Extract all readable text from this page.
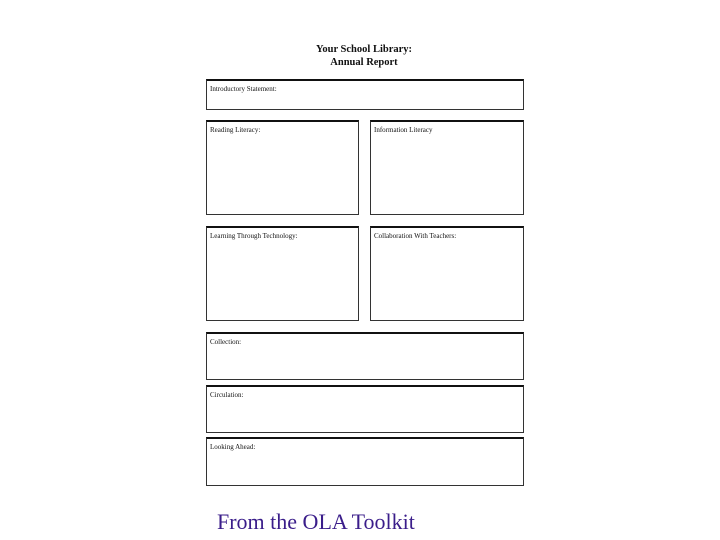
Your School Library:
Annual Report
Introductory Statement:
Reading Literacy:	Information Literacy
Learning Through Technology:	Collaboration With Teachers:
Collection:
Circulation:
Looking Ahead:
From the OLA Toolkit
